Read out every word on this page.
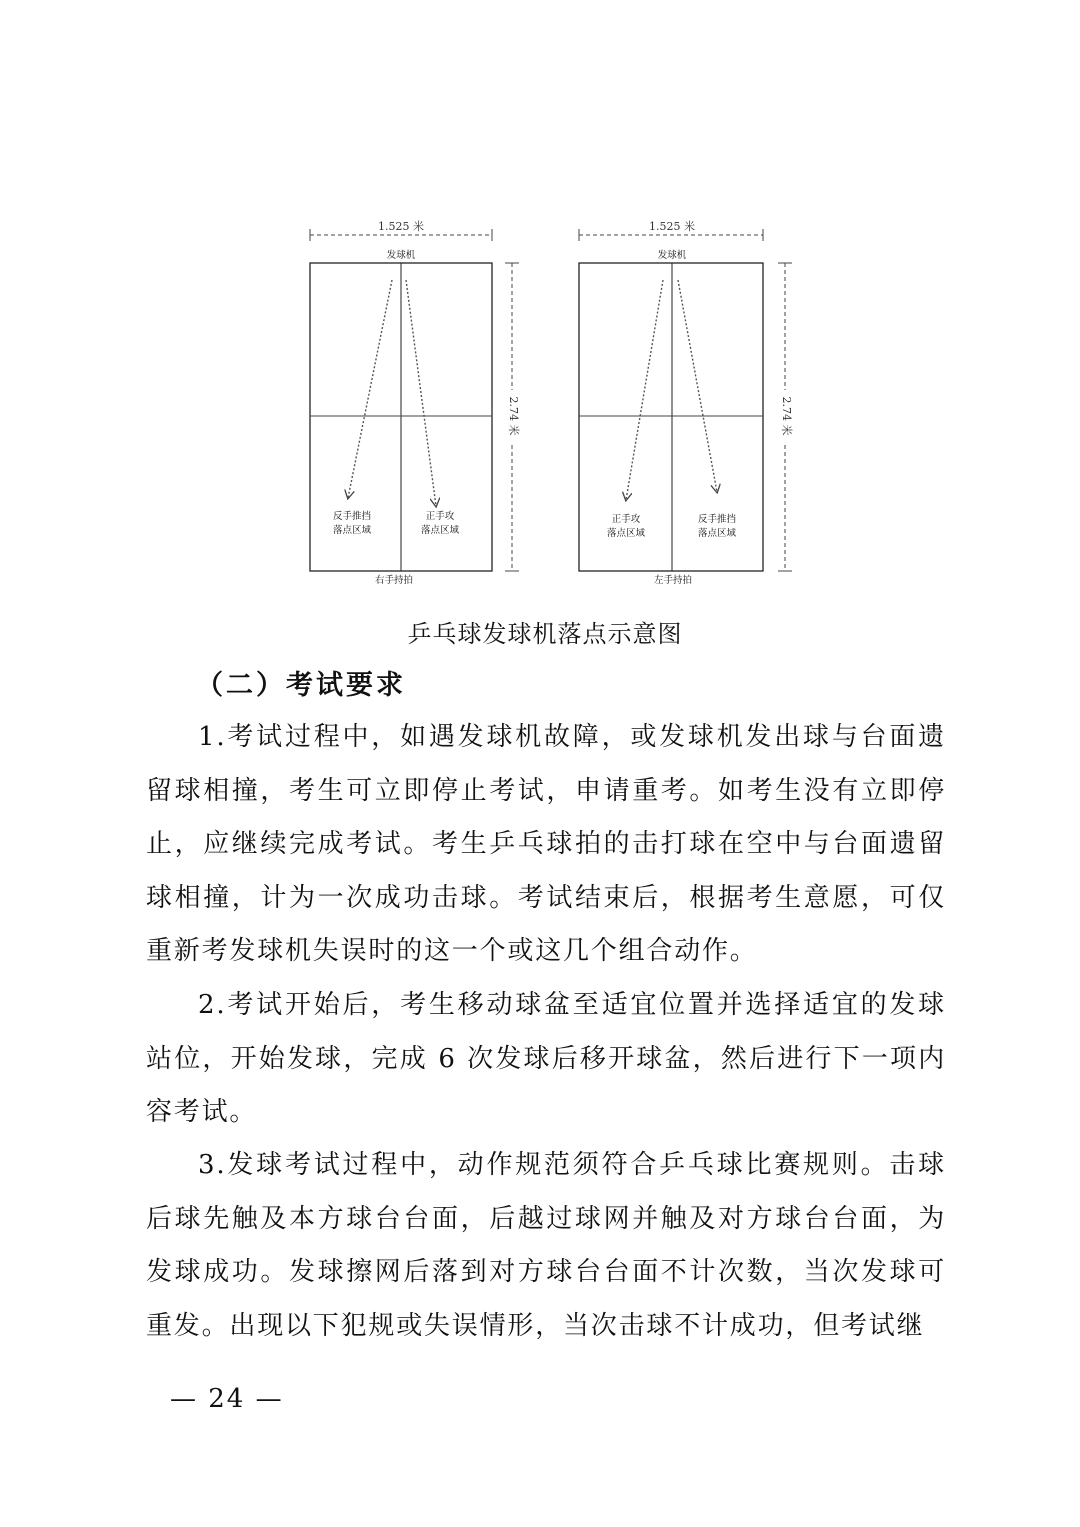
1.525 米
发球机
2.74 米
反手推挡
落点区域
正手攻
落点区域
右手持拍
1.525 米
发球机
2.74 米
正手攻
落点区域
反手推挡
落点区域
左手持拍
乒乓球发球机落点示意图
（二）考试要求

1.考试过程中，如遇发球机故障，或发球机发出球与台面遗留球相撞，考生可立即停止考试，申请重考。如考生没有立即停止，应继续完成考试。考生乒乓球拍的击打球在空中与台面遗留球相撞，计为一次成功击球。考试结束后，根据考生意愿，可仅重新考发球机失误时的这一个或这几个组合动作。

2.考试开始后，考生移动球盆至适宜位置并选择适宜的发球站位，开始发球，完成 6 次发球后移开球盆，然后进行下一项内容考试。

3.发球考试过程中，动作规范须符合乒乓球比赛规则。击球后球先触及本方球台台面，后越过球网并触及对方球台台面，为发球成功。发球擦网后落到对方球台台面不计次数，当次发球可重发。出现以下犯规或失误情形，当次击球不计成功，但考试继

— 24 —
